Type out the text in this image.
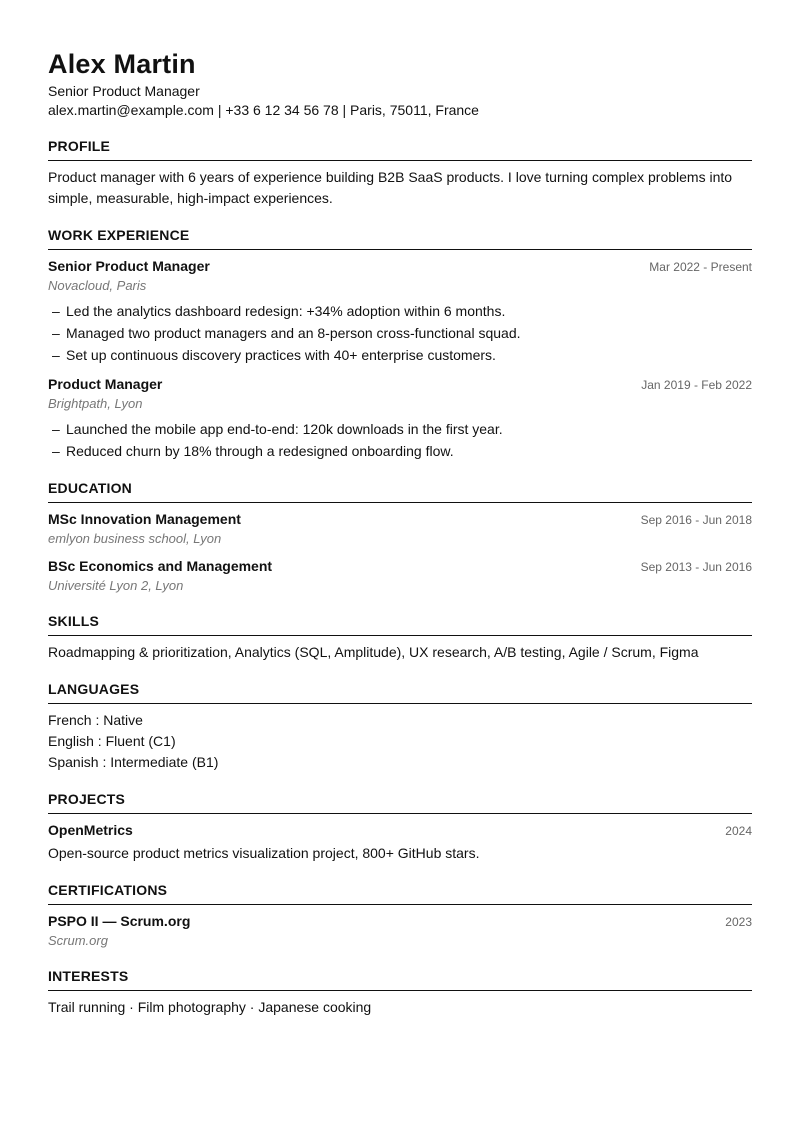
Alex Martin
Senior Product Manager
alex.martin@example.com | +33 6 12 34 56 78 | Paris, 75011, France
PROFILE
Product manager with 6 years of experience building B2B SaaS products. I love turning complex problems into simple, measurable, high-impact experiences.
WORK EXPERIENCE
Senior Product Manager	Mar 2022 - Present
Novacloud, Paris
– Led the analytics dashboard redesign: +34% adoption within 6 months.
– Managed two product managers and an 8-person cross-functional squad.
– Set up continuous discovery practices with 40+ enterprise customers.
Product Manager	Jan 2019 - Feb 2022
Brightpath, Lyon
– Launched the mobile app end-to-end: 120k downloads in the first year.
– Reduced churn by 18% through a redesigned onboarding flow.
EDUCATION
MSc Innovation Management	Sep 2016 - Jun 2018
emlyon business school, Lyon
BSc Economics and Management	Sep 2013 - Jun 2016
Université Lyon 2, Lyon
SKILLS
Roadmapping & prioritization, Analytics (SQL, Amplitude), UX research, A/B testing, Agile / Scrum, Figma
LANGUAGES
French : Native
English : Fluent (C1)
Spanish : Intermediate (B1)
PROJECTS
OpenMetrics	2024
Open-source product metrics visualization project, 800+ GitHub stars.
CERTIFICATIONS
PSPO II — Scrum.org	2023
Scrum.org
INTERESTS
Trail running · Film photography · Japanese cooking
